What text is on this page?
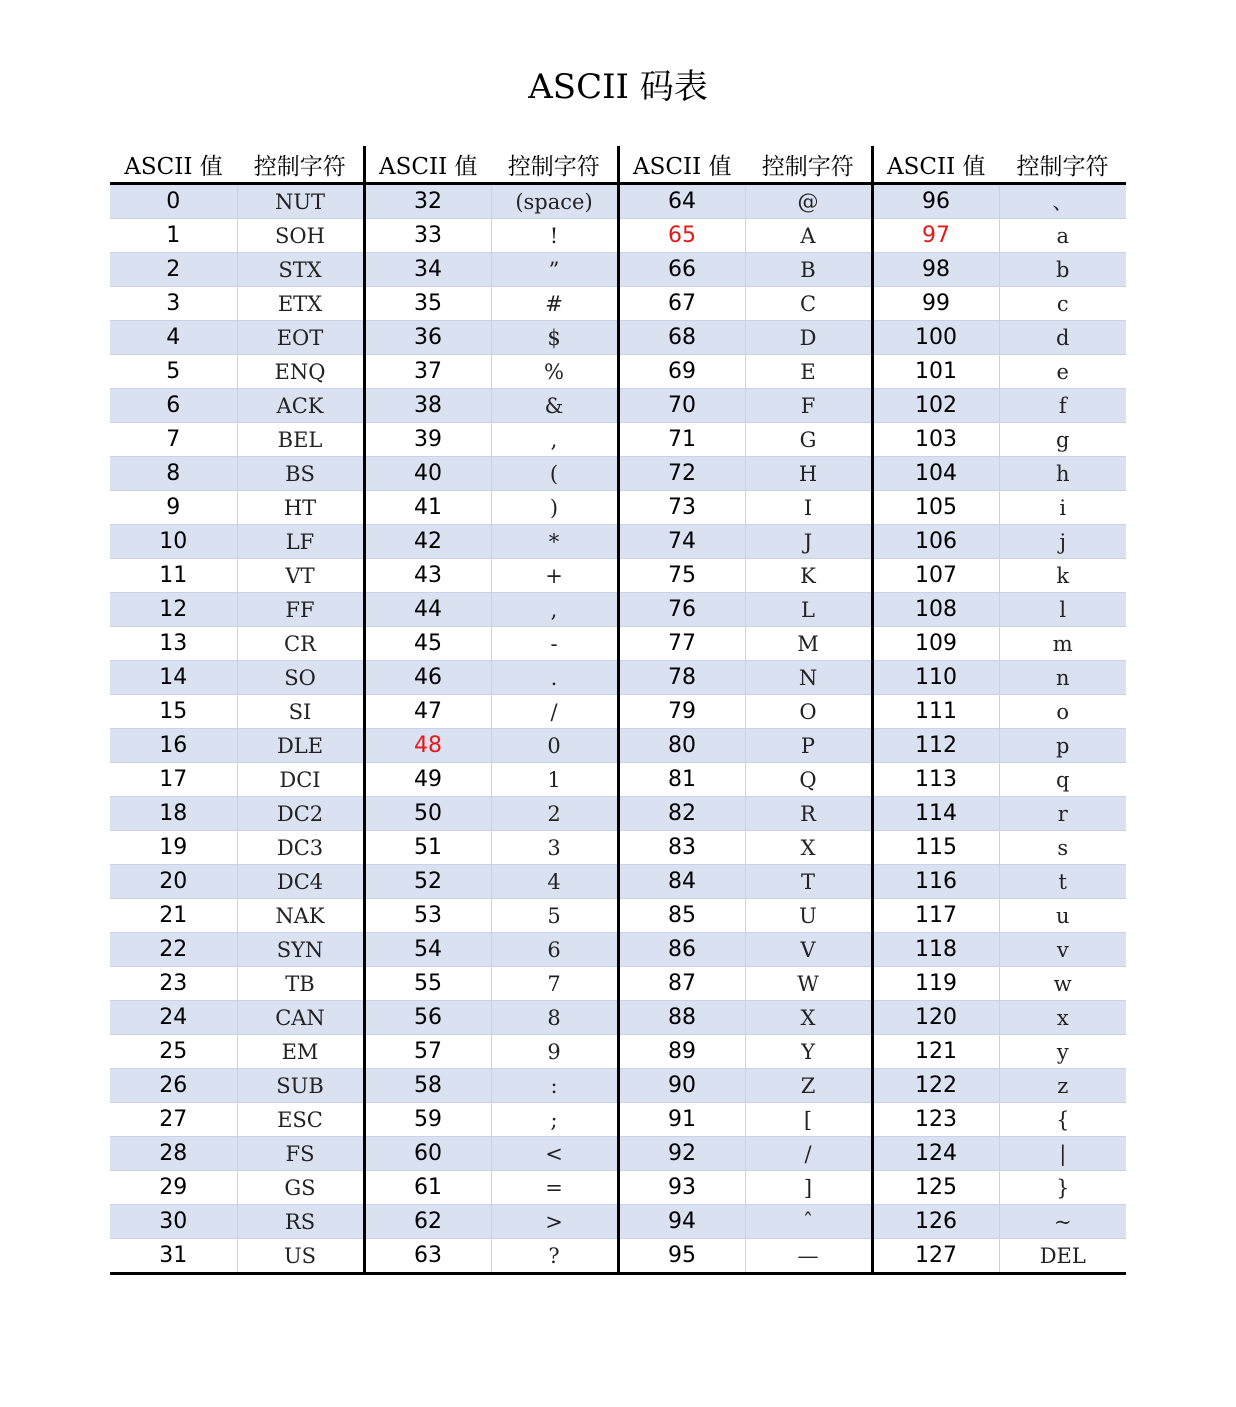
ASCII 码表
ASCII 值	控制字符	ASCII 值	控制字符	ASCII 值	控制字符	ASCII 值	控制字符
0	NUT	32	(space)	64	@	96	、
1	SOH	33	!	65	A	97	a
2	STX	34	”	66	B	98	b
3	ETX	35	#	67	C	99	c
4	EOT	36	$	68	D	100	d
5	ENQ	37	%	69	E	101	e
6	ACK	38	&	70	F	102	f
7	BEL	39	,	71	G	103	g
8	BS	40	(	72	H	104	h
9	HT	41	)	73	I	105	i
10	LF	42	*	74	J	106	j
11	VT	43	+	75	K	107	k
12	FF	44	,	76	L	108	l
13	CR	45	-	77	M	109	m
14	SO	46	.	78	N	110	n
15	SI	47	/	79	O	111	o
16	DLE	48	0	80	P	112	p
17	DCI	49	1	81	Q	113	q
18	DC2	50	2	82	R	114	r
19	DC3	51	3	83	X	115	s
20	DC4	52	4	84	T	116	t
21	NAK	53	5	85	U	117	u
22	SYN	54	6	86	V	118	v
23	TB	55	7	87	W	119	w
24	CAN	56	8	88	X	120	x
25	EM	57	9	89	Y	121	y
26	SUB	58	:	90	Z	122	z
27	ESC	59	;	91	[	123	{
28	FS	60	<	92	/	124	|
29	GS	61	=	93	]	125	}
30	RS	62	>	94	ˆ	126	~
31	US	63	?	95	—	127	DEL
